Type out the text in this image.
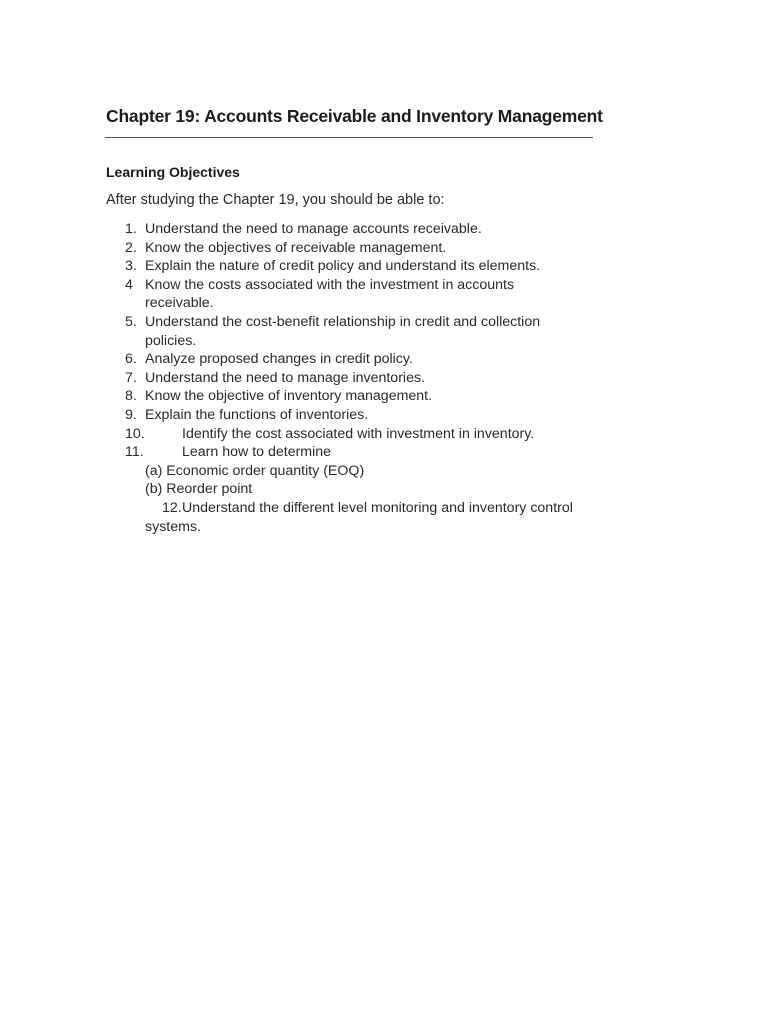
Chapter 19: Accounts Receivable and Inventory Management
Learning Objectives

After studying the Chapter 19, you should be able to:

1. Understand the need to manage accounts receivable.
2. Know the objectives of receivable management.
3. Explain the nature of credit policy and understand its elements.
4 Know the costs associated with the investment in accounts receivable.
5. Understand the cost-benefit relationship in credit and collection policies.
6. Analyze proposed changes in credit policy.
7. Understand the need to manage inventories.
8. Know the objective of inventory management.
9. Explain the functions of inventories.
10.	Identify the cost associated with investment in inventory.
11.	Learn how to determine
(a) Economic order quantity (EOQ)
(b) Reorder point
12. Understand the different level monitoring and inventory control systems.
